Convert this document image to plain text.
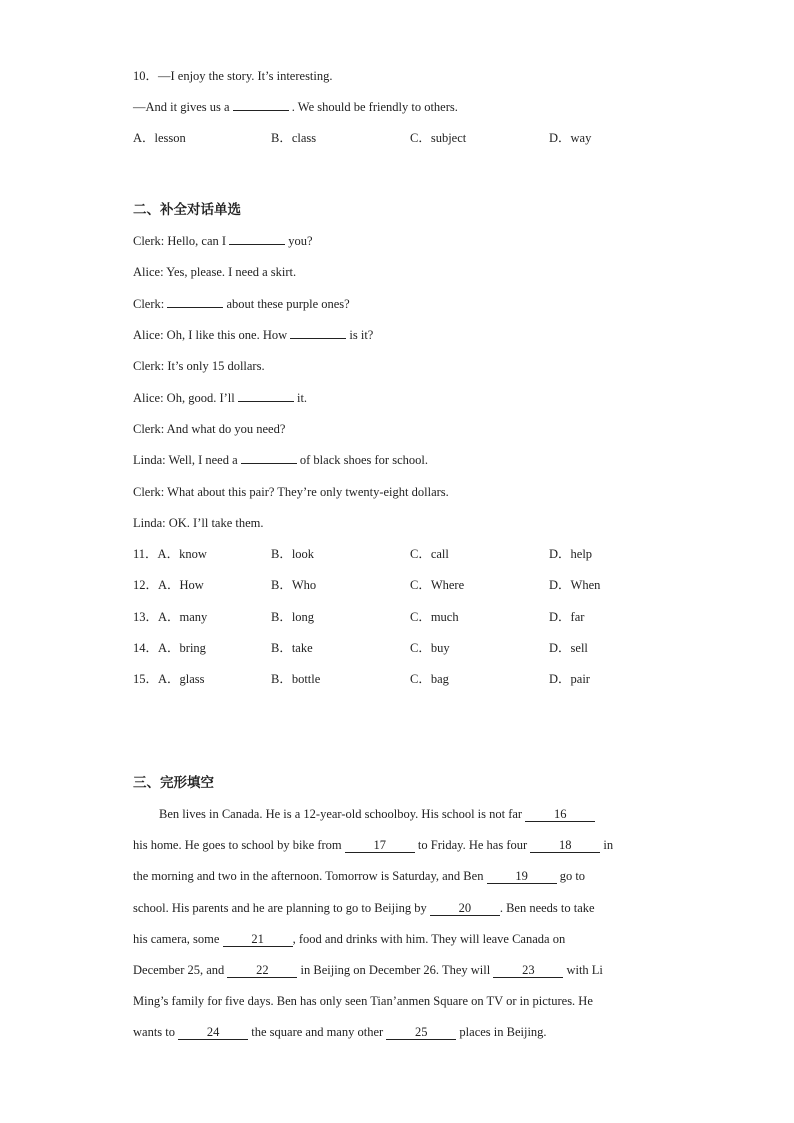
10．—I enjoy the story. It’s interesting.
—And it gives us a	. We should be friendly to others.
A．lesson	B．class	C．subject	D．way
二、补全对话单选
Clerk: Hello, can I	you?
Alice: Yes, please. I need a skirt.
Clerk:	about these purple ones?
Alice: Oh, I like this one. How	is it?
Clerk: It’s only 15 dollars.
Alice: Oh, good. I’ll	it.
Clerk: And what do you need?
Linda: Well, I need a	of black shoes for school.
Clerk: What about this pair? They’re only twenty-eight dollars.
Linda: OK. I’ll take them.
11．A．know	B．look	C．call	D．help
12．A．How	B．Who	C．Where	D．When
13．A．many	B．long	C．much	D．far
14．A．bring	B．take	C．buy	D．sell
15．A．glass	B．bottle	C．bag	D．pair
三、完形填空
Ben lives in Canada. He is a 12-year-old schoolboy. His school is not far	16
his home. He goes to school by bike from	17	to Friday. He has four	18	in
the morning and two in the afternoon. Tomorrow is Saturday, and Ben	19	go to
school. His parents and he are planning to go to Beijing by	20 . Ben needs to take
his camera, some	21 , food and drinks with him. They will leave Canada on
December 25, and	22	in Beijing on December 26. They will	23	with Li
Ming’s family for five days. Ben has only seen Tian’anmen Square on TV or in pictures. He
wants to	24	the square and many other	25	places in Beijing.
